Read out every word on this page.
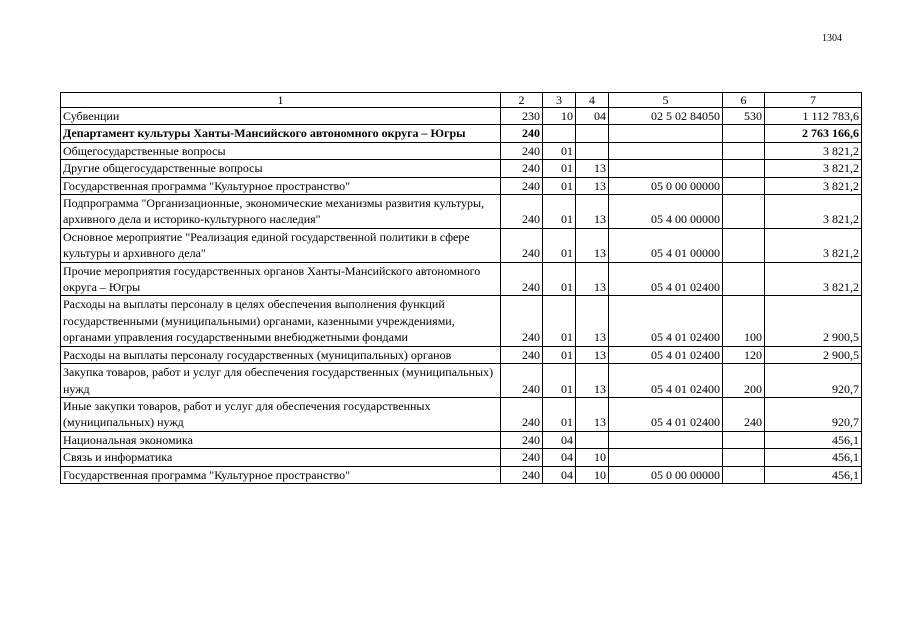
1304
1	2	3	4	5	6	7
Субвенции	230	10	04	02 5 02 84050	530	1 112 783,6
Департамент культуры Ханты-Мансийского автономного округа – Югры	240					2 763 166,6
Общегосударственные вопросы	240	01				3 821,2
Другие общегосударственные вопросы	240	01	13			3 821,2
Государственная программа "Культурное пространство"	240	01	13	05 0 00 00000		3 821,2
Подпрограмма "Организационные, экономические механизмы развития культуры, архивного дела и историко-культурного наследия"	240	01	13	05 4 00 00000		3 821,2
Основное мероприятие "Реализация единой государственной политики в сфере культуры и архивного дела"	240	01	13	05 4 01 00000		3 821,2
Прочие мероприятия государственных органов Ханты-Мансийского автономного округа – Югры	240	01	13	05 4 01 02400		3 821,2
Расходы на выплаты персоналу в целях обеспечения выполнения функций государственными (муниципальными) органами, казенными учреждениями, органами управления государственными внебюджетными фондами	240	01	13	05 4 01 02400	100	2 900,5
Расходы на выплаты персоналу государственных (муниципальных) органов	240	01	13	05 4 01 02400	120	2 900,5
Закупка товаров, работ и услуг для обеспечения государственных (муниципальных) нужд	240	01	13	05 4 01 02400	200	920,7
Иные закупки товаров, работ и услуг для обеспечения государственных (муниципальных) нужд	240	01	13	05 4 01 02400	240	920,7
Национальная экономика	240	04				456,1
Связь и информатика	240	04	10			456,1
Государственная программа "Культурное пространство"	240	04	10	05 0 00 00000		456,1
